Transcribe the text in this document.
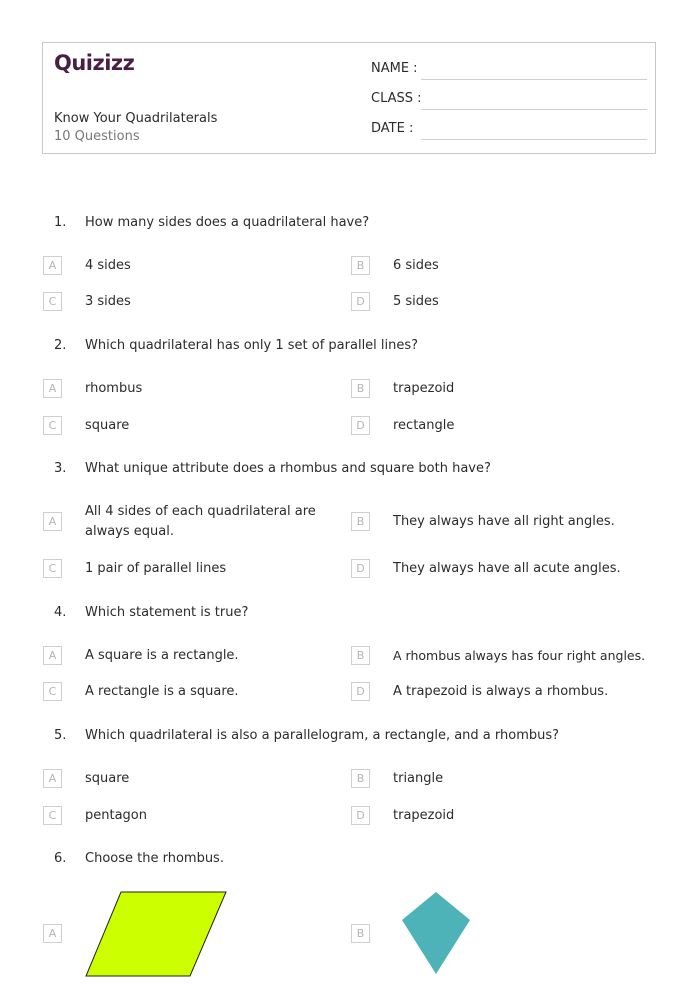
Quizizz
Know Your Quadrilaterals
10 Questions
NAME :
CLASS :
DATE :
1. How many sides does a quadrilateral have?
A	4 sides	B	6 sides
C	3 sides	D	5 sides
2. Which quadrilateral has only 1 set of parallel lines?
A	rhombus	B	trapezoid
C	square	D	rectangle
3. What unique attribute does a rhombus and square both have?
A
All 4 sides of each quadrilateral are always equal.
B	They always have all right angles.
C	1 pair of parallel lines	D	They always have all acute angles.
4. Which statement is true?
A	A square is a rectangle.	B	A rhombus always has four right angles.
C	A rectangle is a square.	D	A trapezoid is always a rhombus.
5. Which quadrilateral is also a parallelogram, a rectangle, and a rhombus?
A	square	B	triangle
C	pentagon	D	trapezoid
6. Choose the rhombus.
A	B
